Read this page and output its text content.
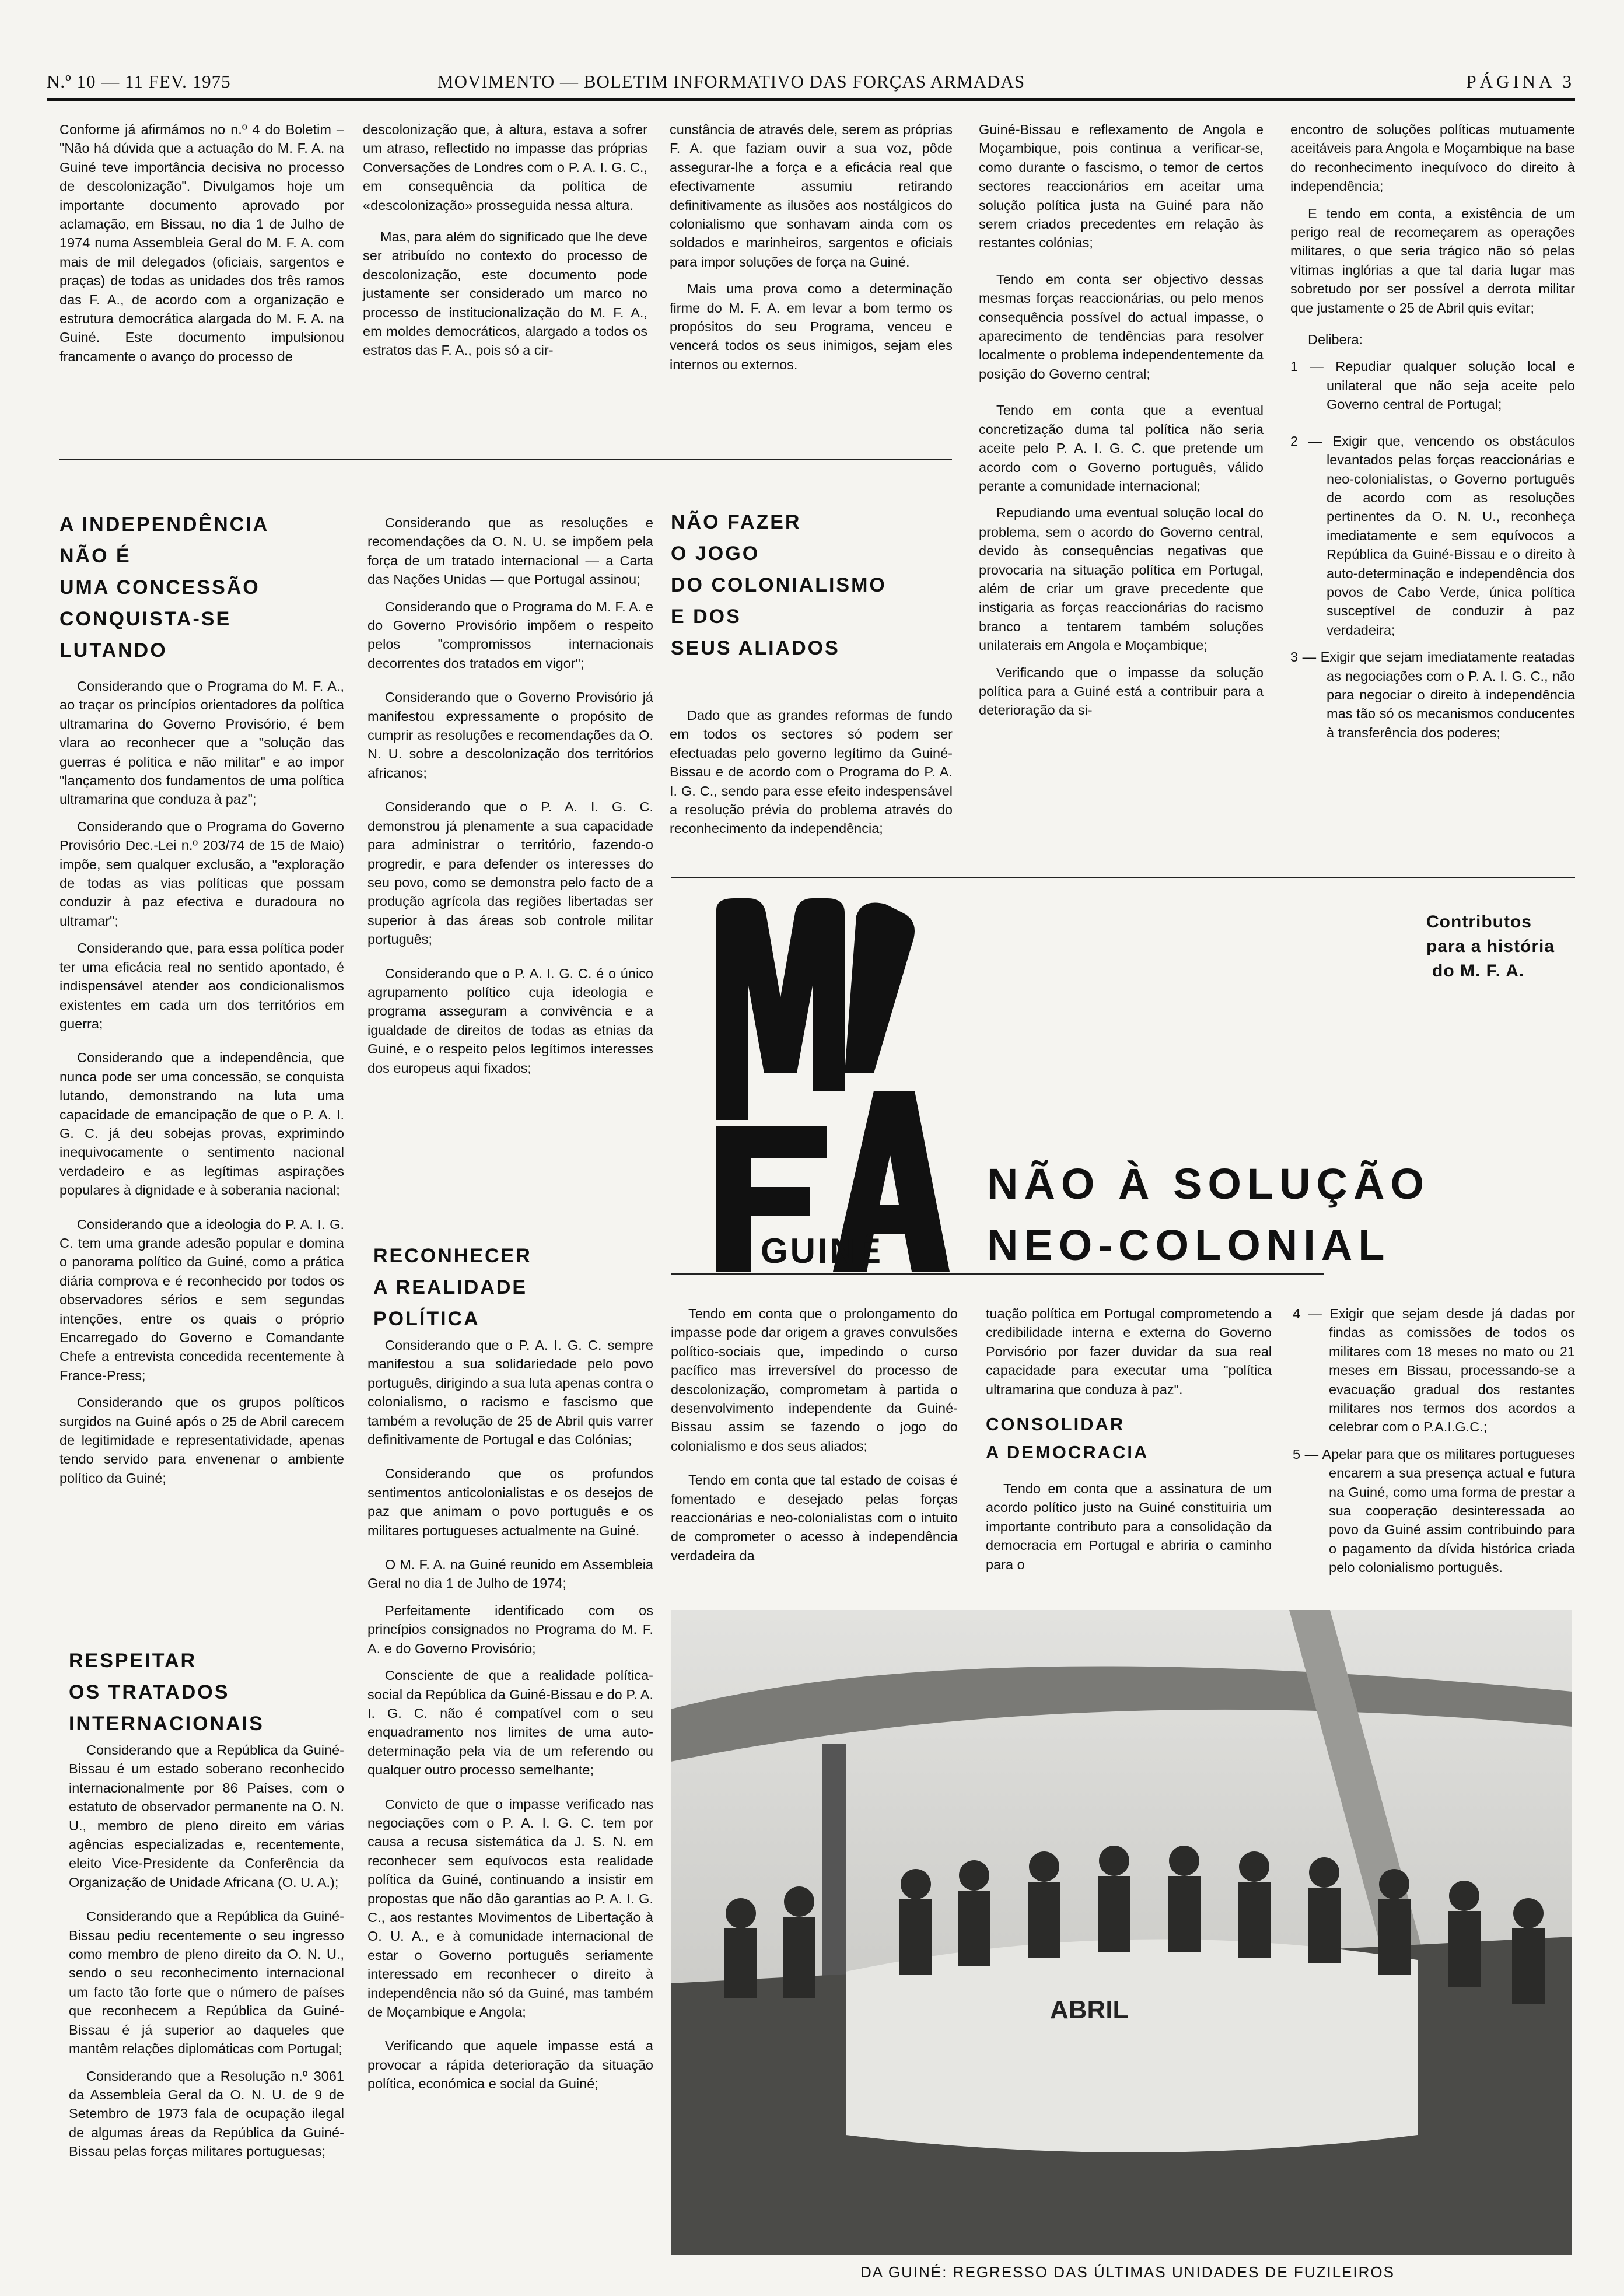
N.º 10 — 11 FEV. 1975	MOVIMENTO — BOLETIM INFORMATIVO DAS FORÇAS ARMADAS	PÁGINA 3

Conforme já afirmámos no n.º 4 do Boletim – "Não há dúvida que a actuação do M. F. A. na Guiné teve importância decisiva no processo de descolonização". Divulgamos hoje um importante documento aprovado por aclamação, em Bissau, no dia 1 de Julho de 1974 numa Assembleia Geral do M. F. A. com mais de mil delegados (oficiais, sargentos e praças) de todas as unidades dos três ramos das F. A., de acordo com a organização e estrutura democrática alargada do M. F. A. na Guiné. Este documento impulsionou francamente o avanço do processo de

descolonização que, à altura, estava a sofrer um atraso, reflectido no impasse das próprias Conversações de Londres com o P. A. I. G. C., em consequência da política de «descolonização» prosseguida nessa altura.

Mas, para além do significado que lhe deve ser atribuído no contexto do processo de descolonização, este documento pode justamente ser considerado um marco no processo de institucionalização do M. F. A., em moldes democráticos, alargado a todos os estratos das F. A., pois só a cir-

cunstância de através dele, serem as próprias F. A. que faziam ouvir a sua voz, pôde assegurar-lhe a força e a eficácia real que efectivamente assumiu retirando definitivamente as ilusões aos nostálgicos do colonialismo que sonhavam ainda com os soldados e marinheiros, sargentos e oficiais para impor soluções de força na Guiné.

Mais uma prova como a determinação firme do M. F. A. em levar a bom termo os propósitos do seu Programa, venceu e vencerá todos os seus inimigos, sejam eles internos ou externos.

Guiné-Bissau e reflexamento de Angola e Moçambique, pois continua a verificar-se, como durante o fascismo, o temor de certos sectores reaccionários em aceitar uma solução política justa na Guiné para não serem criados precedentes em relação às restantes colónias;

Tendo em conta ser objectivo dessas mesmas forças reaccionárias, ou pelo menos consequência possível do actual impasse, o aparecimento de tendências para resolver localmente o problema independentemente da posição do Governo central;

Tendo em conta que a eventual concretização duma tal política não seria aceite pelo P. A. I. G. C. que pretende um acordo com o Governo português, válido perante a comunidade internacional;

Repudiando uma eventual solução local do problema, sem o acordo do Governo central, devido às consequências negativas que provocaria na situação política em Portugal, além de criar um grave precedente que instigaria as forças reaccionárias do racismo branco a tentarem também soluções unilaterais em Angola e Moçambique;

Verificando que o impasse da solução política para a Guiné está a contribuir para a deterioração da si-

encontro de soluções políticas mutuamente aceitáveis para Angola e Moçambique na base do reconhecimento inequívoco do direito à independência;

E tendo em conta, a existência de um perigo real de recomeçarem as operações militares, o que seria trágico não só pelas vítimas inglórias a que tal daria lugar mas sobretudo por ser possível a derrota militar que justamente o 25 de Abril quis evitar;

Delibera:

1 — Repudiar qualquer solução local e unilateral que não seja aceite pelo Governo central de Portugal;

2 — Exigir que, vencendo os obstáculos levantados pelas forças reaccionárias e neo-colonialistas, o Governo português de acordo com as resoluções pertinentes da O. N. U., reconheça imediatamente e sem equívocos a República da Guiné-Bissau e o direito à auto-determinação e independência dos povos de Cabo Verde, única política susceptível de conduzir à paz verdadeira;

3 — Exigir que sejam imediatamente reatadas as negociações com o P. A. I. G. C., não para negociar o direito à independência mas tão só os mecanismos conducentes à transferência dos poderes;

A INDEPENDÊNCIA
NÃO É
UMA CONCESSÃO
CONQUISTA-SE
LUTANDO

Considerando que o Programa do M. F. A., ao traçar os princípios orientadores da política ultramarina do Governo Provisório, é bem vlara ao reconhecer que a "solução das guerras é política e não militar" e ao impor "lançamento dos fundamentos de uma política ultramarina que conduza à paz";

Considerando que o Programa do Governo Provisório Dec.-Lei n.º 203/74 de 15 de Maio) impõe, sem qualquer exclusão, a "exploração de todas as vias políticas que possam conduzir à paz efectiva e duradoura no ultramar";

Considerando que, para essa política poder ter uma eficácia real no sentido apontado, é indispensável atender aos condicionalismos existentes em cada um dos territórios em guerra;

Considerando que a independência, que nunca pode ser uma concessão, se conquista lutando, demonstrando na luta uma capacidade de emancipação de que o P. A. I. G. C. já deu sobejas provas, exprimindo inequivocamente o sentimento nacional verdadeiro e as legítimas aspirações populares à dignidade e à soberania nacional;

Considerando que a ideologia do P. A. I. G. C. tem uma grande adesão popular e domina o panorama político da Guiné, como a prática diária comprova e é reconhecido por todos os observadores sérios e sem segundas intenções, entre os quais o próprio Encarregado do Governo e Comandante Chefe a entrevista concedida recentemente à France-Press;

Considerando que os grupos políticos surgidos na Guiné após o 25 de Abril carecem de legitimidade e representatividade, apenas tendo servido para envenenar o ambiente político da Guiné;

RESPEITAR
OS TRATADOS
INTERNACIONAIS

Considerando que a República da Guiné-Bissau é um estado soberano reconhecido internacionalmente por 86 Países, com o estatuto de observador permanente na O. N. U., membro de pleno direito em várias agências especializadas e, recentemente, eleito Vice-Presidente da Conferência da Organização de Unidade Africana (O. U. A.);

Considerando que a República da Guiné-Bissau pediu recentemente o seu ingresso como membro de pleno direito da O. N. U., sendo o seu reconhecimento internacional um facto tão forte que o número de países que reconhecem a República da Guiné-Bissau é já superior ao daqueles que mantêm relações diplomáticas com Portugal;

Considerando que a Resolução n.º 3061 da Assembleia Geral da O. N. U. de 9 de Setembro de 1973 fala de ocupação ilegal de algumas áreas da República da Guiné-Bissau pelas forças militares portuguesas;

Considerando que as resoluções e recomendações da O. N. U. se impõem pela força de um tratado internacional — a Carta das Nações Unidas — que Portugal assinou;

Considerando que o Programa do M. F. A. e do Governo Provisório impõem o respeito pelos "compromissos internacionais decorrentes dos tratados em vigor";

Considerando que o Governo Provisório já manifestou expressamente o propósito de cumprir as resoluções e recomendações da O. N. U. sobre a descolonização dos territórios africanos;

Considerando que o P. A. I. G. C. demonstrou já plenamente a sua capacidade para administrar o território, fazendo-o progredir, e para defender os interesses do seu povo, como se demonstra pelo facto de a produção agrícola das regiões libertadas ser superior à das áreas sob controle militar português;

Considerando que o P. A. I. G. C. é o único agrupamento político cuja ideologia e programa asseguram a convivência e a igualdade de direitos de todas as etnias da Guiné, e o respeito pelos legítimos interesses dos europeus aqui fixados;

RECONHECER
A REALIDADE
POLÍTICA

Considerando que o P. A. I. G. C. sempre manifestou a sua solidariedade pelo povo português, dirigindo a sua luta apenas contra o colonialismo, o racismo e fascismo que também a revolução de 25 de Abril quis varrer definitivamente de Portugal e das Colónias;

Considerando que os profundos sentimentos anticolonialistas e os desejos de paz que animam o povo português e os militares portugueses actualmente na Guiné.

O M. F. A. na Guiné reunido em Assembleia Geral no dia 1 de Julho de 1974;

Perfeitamente identificado com os princípios consignados no Programa do M. F. A. e do Governo Provisório;

Consciente de que a realidade política-social da República da Guiné-Bissau e do P. A. I. G. C. não é compatível com o seu enquadramento nos limites de uma auto-determinação pela via de um referendo ou qualquer outro processo semelhante;

Convicto de que o impasse verificado nas negociações com o P. A. I. G. C. tem por causa a recusa sistemática da J. S. N. em reconhecer sem equívocos esta realidade política da Guiné, continuando a insistir em propostas que não dão garantias ao P. A. I. G. C., aos restantes Movimentos de Libertação à O. U. A., e à comunidade internacional de estar o Governo português seriamente interessado em reconhecer o direito à independência não só da Guiné, mas também de Moçambique e Angola;

Verificando que aquele impasse está a provocar a rápida deterioração da situação política, económica e social da Guiné;

NÃO FAZER
O JOGO
DO COLONIALISMO
E DOS
SEUS ALIADOS

Dado que as grandes reformas de fundo em todos os sectores só podem ser efectuadas pelo governo legítimo da Guiné-Bissau e de acordo com o Programa do P. A. I. G. C., sendo para esse efeito indespensável a resolução prévia do problema através do reconhecimento da independência;

GUINÉ
Contributos
para a história
do M. F. A.
NÃO À SOLUÇÃO
NEO-COLONIAL

Tendo em conta que o prolongamento do impasse pode dar origem a graves convulsões político-sociais que, impedindo o curso pacífico mas irreversível do processo de descolonização, comprometam à partida o desenvolvimento independente da Guiné-Bissau assim se fazendo o jogo do colonialismo e dos seus aliados;

Tendo em conta que tal estado de coisas é fomentado e desejado pelas forças reaccionárias e neo-colonialistas com o intuito de comprometer o acesso à independência verdadeira da

tuação política em Portugal comprometendo a credibilidade interna e externa do Governo Porvisório por fazer duvidar da sua real capacidade para executar uma "política ultramarina que conduza à paz".

CONSOLIDAR
A DEMOCRACIA

Tendo em conta que a assinatura de um acordo político justo na Guiné constituiria um importante contributo para a consolidação da democracia em Portugal e abriria o caminho para o

4 — Exigir que sejam desde já dadas por findas as comissões de todos os militares com 18 meses no mato ou 21 meses em Bissau, processando-se a evacuação gradual dos restantes militares nos termos dos acordos a celebrar com o P.A.I.G.C.;

5 — Apelar para que os militares portugueses encarem a sua presença actual e futura na Guiné, como uma forma de prestar a sua cooperação desinteressada ao povo da Guiné assim contribuindo para o pagamento da dívida histórica criada pelo colonialismo português.

ABRIL
DA GUINÉ: REGRESSO DAS ÚLTIMAS UNIDADES DE FUZILEIROS
